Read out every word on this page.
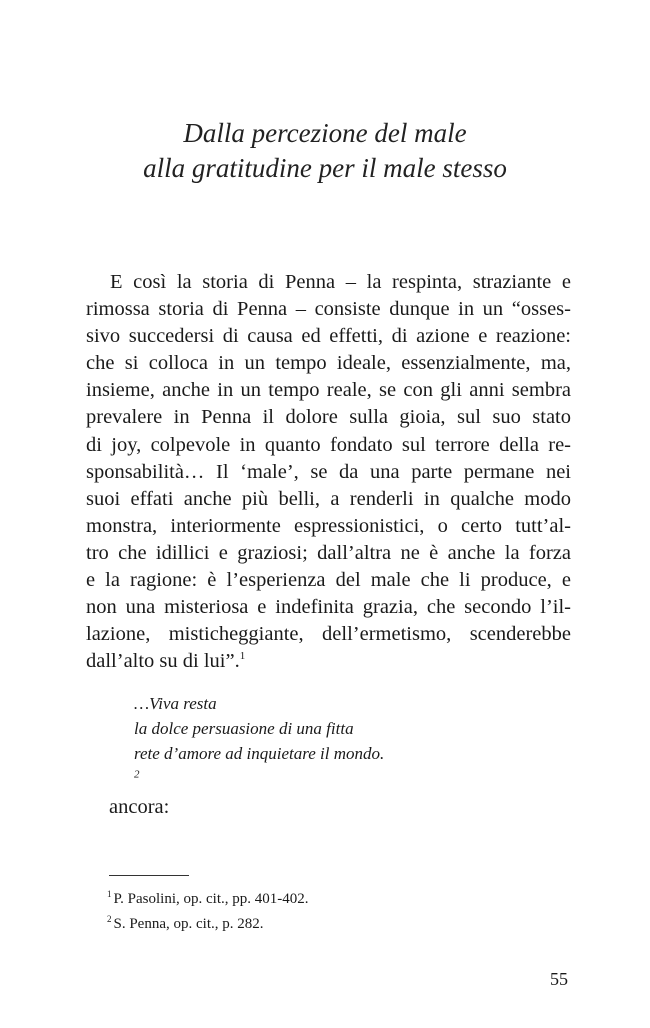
Dalla percezione del male
alla gratitudine per il male stesso
E così la storia di Penna – la respinta, straziante e
rimossa storia di Penna – consiste dunque in un “osses-
sivo succedersi di causa ed effetti, di azione e reazione:
che si colloca in un tempo ideale, essenzialmente, ma,
insieme, anche in un tempo reale, se con gli anni sembra
prevalere in Penna il dolore sulla gioia, sul suo stato
di joy, colpevole in quanto fondato sul terrore della re-
sponsabilità… Il ‘male’, se da una parte permane nei
suoi effati anche più belli, a renderli in qualche modo
monstra, interiormente espressionistici, o certo tutt’al-
tro che idillici e graziosi; dall’altra ne è anche la forza
e la ragione: è l’esperienza del male che li produce, e
non una misteriosa e indefinita grazia, che secondo l’il-
lazione, misticheggiante, dell’ermetismo, scenderebbe
dall’alto su di lui”.$^1$
…Viva resta
la dolce persuasione di una fitta
rete d’amore ad inquietare il mondo.
$^2$
ancora:
$^1$ P. Pasolini, op. cit., pp. 401-402.
$^2$ S. Penna, op. cit., p. 282.
55
